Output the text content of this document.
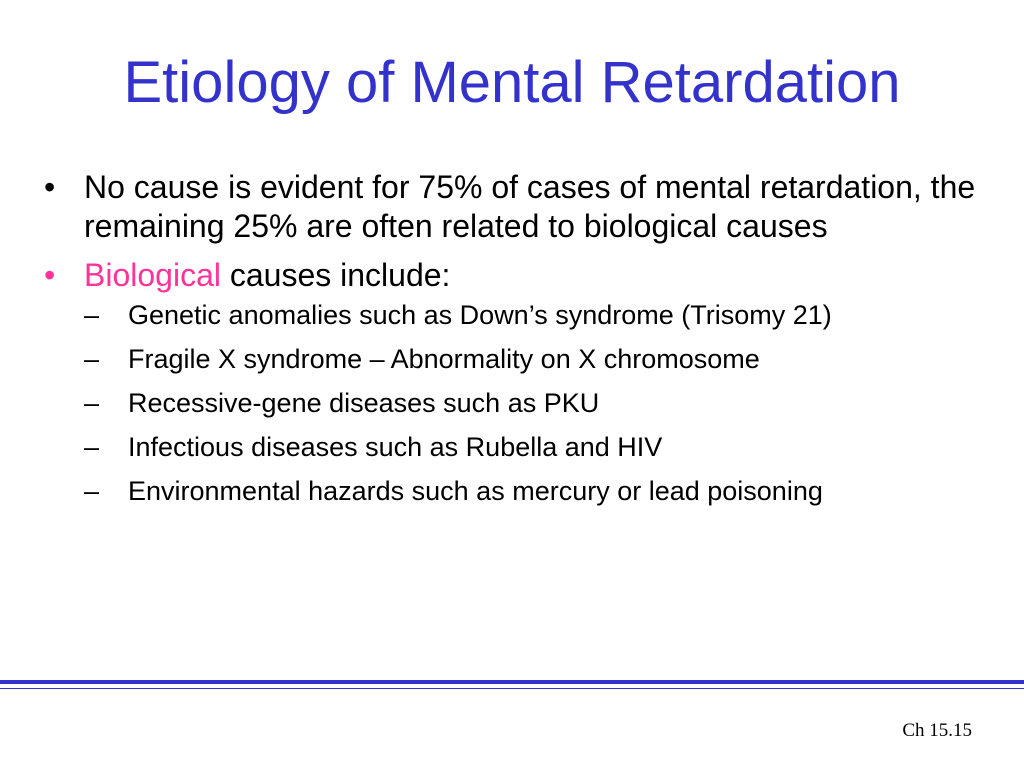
Etiology of Mental Retardation
• No cause is evident for 75% of cases of mental retardation, the remaining 25% are often related to biological causes
• Biological causes include:
–	Genetic anomalies such as Down’s syndrome (Trisomy 21)
–	Fragile X syndrome – Abnormality on X chromosome
–	Recessive-gene diseases such as PKU
–	Infectious diseases such as Rubella and HIV
–	Environmental hazards such as mercury or lead poisoning
Ch 15.15
